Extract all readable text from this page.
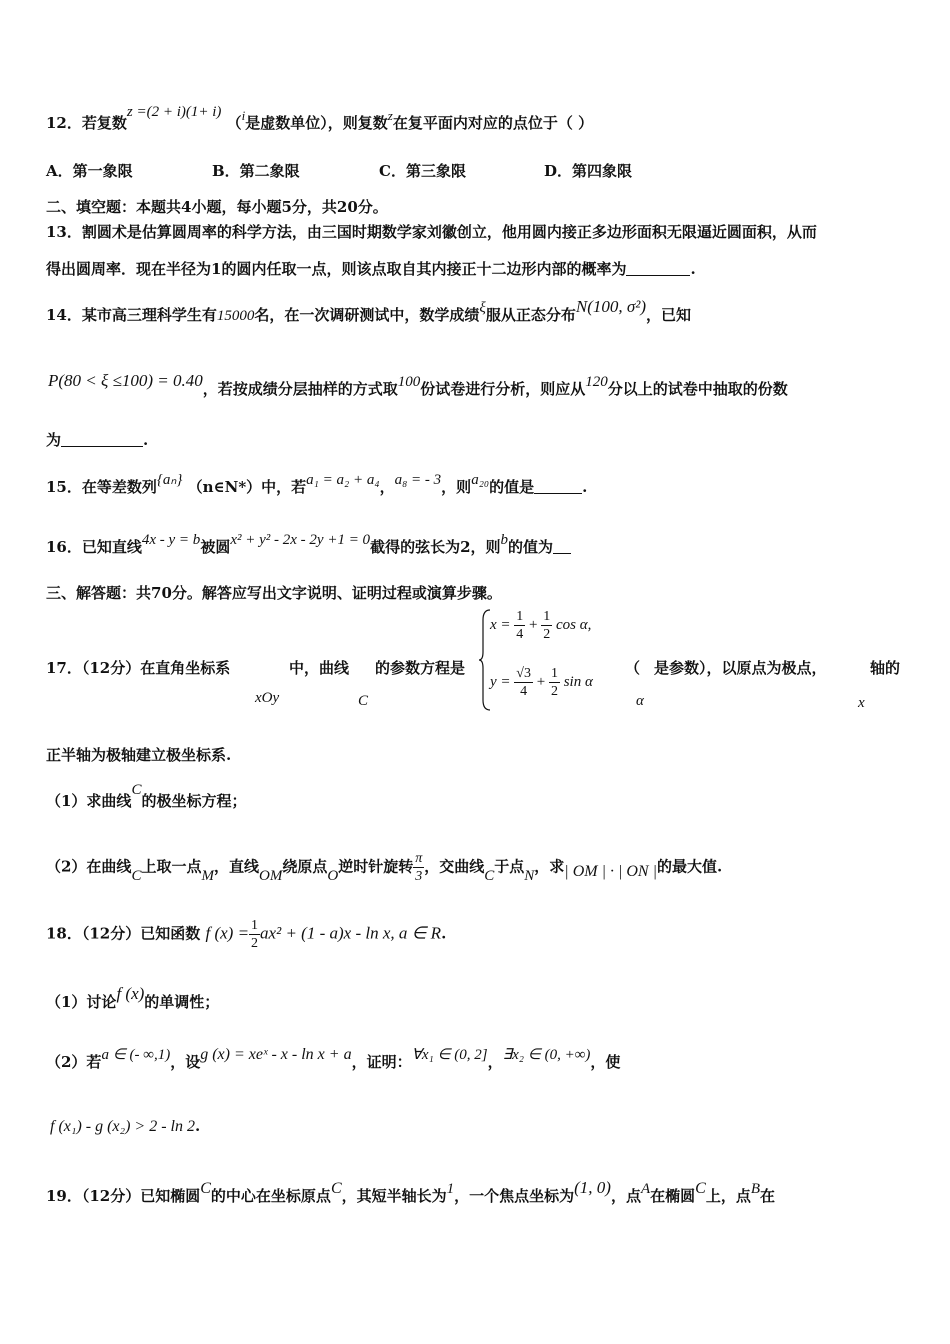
12．若复数z =(2 + i)(1+ i) （i是虚数单位），则复数z在复平面内对应的点位于（ ）
A．第一象限	B．第二象限	C．第三象限	D．第四象限
二、填空题：本题共4小题，每小题5分，共20分。
13．割圆术是估算圆周率的科学方法，由三国时期数学家刘徽创立，他用圆内接正多边形面积无限逼近圆面积，从而
得出圆周率．现在半径为1的圆内任取一点，则该点取自其内接正十二边形内部的概率为	.
14．某市高三理科学生有15000名，在一次调研测试中，数学成绩ξ服从正态分布N(100, σ²)，已知
P(80 < ξ ≤100) = 0.40，若按成绩分层抽样的方式取100份试卷进行分析，则应从120分以上的试卷中抽取的份数
为	.
15．在等差数列{aₙ} （n∈N*）中，若a₁ = a₂ + a₄，a₈ = - 3，则a₂₀的值是	.
16．已知直线4x - y = b被圆x² + y² - 2x - 2y +1 = 0截得的弦长为2，则b的值为
三、解答题：共70分。解答应写出文字说明、证明过程或演算步骤。
17．（12分）在直角坐标系	中，曲线 的参数方程是	（ 是参数），以原点为极点，	轴的
xOy	C	α	x
$x = \frac{1}{4} + \frac{1}{2}$ cos α,
$y = \frac{√3}{4} + \frac{1}{2}$ sin α
正半轴为极轴建立极坐标系.
（1）求曲线C的极坐标方程；
（2）在曲线C上取一点M，直线OM绕原点O逆时针旋转 $\frac{\pi}{3}$ ，交曲线C于点N，求| OM | · | ON |的最大值.
18．（12分）已知函数 f $(x) = \frac{1}{2} ax^2 + (1 - a)x - \ln x$, a ∈ R.
（1）讨论f (x)的单调性；
（2）若a ∈ (- ∞,1)，设g (x) = xeˣ - x - ln x + a，证明：∀x₁ ∈ (0, 2]，∃x₂ ∈ (0, +∞)，使
f (x₁) - g (x₂) > 2 - ln 2.
19．（12分）已知椭圆C的中心在坐标原点C，其短半轴长为1，一个焦点坐标为(1, 0)，点A在椭圆C上，点B在
